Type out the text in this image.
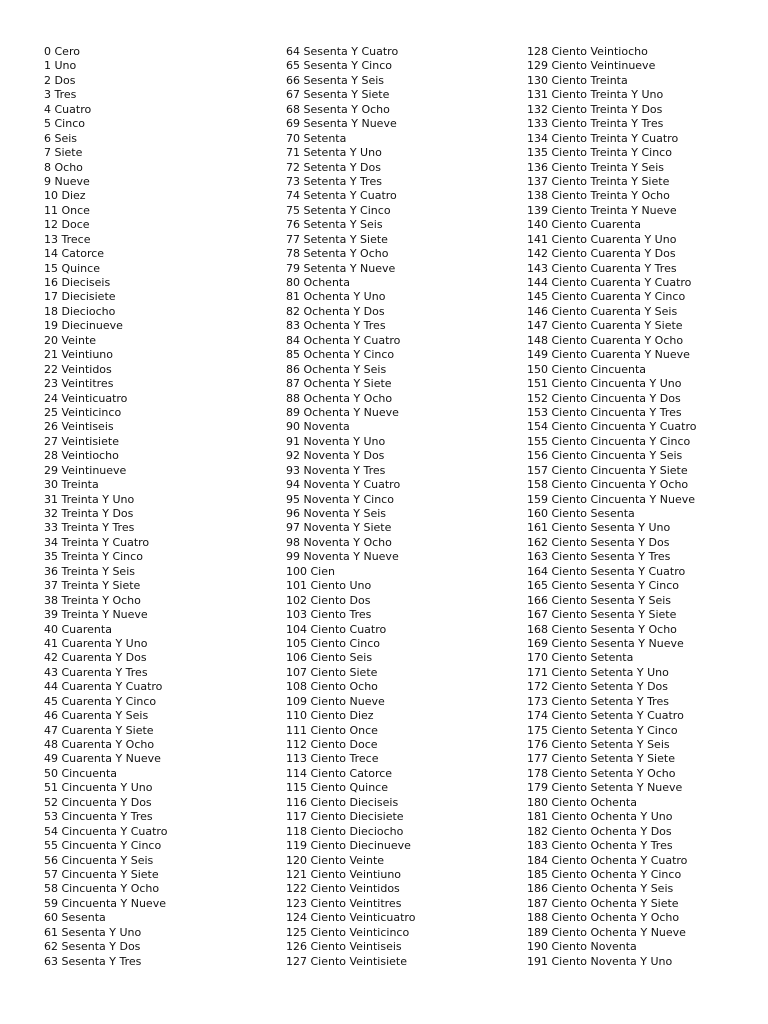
0 Cero
1 Uno
2 Dos
3 Tres
4 Cuatro
5 Cinco
6 Seis
7 Siete
8 Ocho
9 Nueve
10 Diez
11 Once
12 Doce
13 Trece
14 Catorce
15 Quince
16 Dieciseis
17 Diecisiete
18 Dieciocho
19 Diecinueve
20 Veinte
21 Veintiuno
22 Veintidos
23 Veintitres
24 Veinticuatro
25 Veinticinco
26 Veintiseis
27 Veintisiete
28 Veintiocho
29 Veintinueve
30 Treinta
31 Treinta Y Uno
32 Treinta Y Dos
33 Treinta Y Tres
34 Treinta Y Cuatro
35 Treinta Y Cinco
36 Treinta Y Seis
37 Treinta Y Siete
38 Treinta Y Ocho
39 Treinta Y Nueve
40 Cuarenta
41 Cuarenta Y Uno
42 Cuarenta Y Dos
43 Cuarenta Y Tres
44 Cuarenta Y Cuatro
45 Cuarenta Y Cinco
46 Cuarenta Y Seis
47 Cuarenta Y Siete
48 Cuarenta Y Ocho
49 Cuarenta Y Nueve
50 Cincuenta
51 Cincuenta Y Uno
52 Cincuenta Y Dos
53 Cincuenta Y Tres
54 Cincuenta Y Cuatro
55 Cincuenta Y Cinco
56 Cincuenta Y Seis
57 Cincuenta Y Siete
58 Cincuenta Y Ocho
59 Cincuenta Y Nueve
60 Sesenta
61 Sesenta Y Uno
62 Sesenta Y Dos
63 Sesenta Y Tres
64 Sesenta Y Cuatro
65 Sesenta Y Cinco
66 Sesenta Y Seis
67 Sesenta Y Siete
68 Sesenta Y Ocho
69 Sesenta Y Nueve
70 Setenta
71 Setenta Y Uno
72 Setenta Y Dos
73 Setenta Y Tres
74 Setenta Y Cuatro
75 Setenta Y Cinco
76 Setenta Y Seis
77 Setenta Y Siete
78 Setenta Y Ocho
79 Setenta Y Nueve
80 Ochenta
81 Ochenta Y Uno
82 Ochenta Y Dos
83 Ochenta Y Tres
84 Ochenta Y Cuatro
85 Ochenta Y Cinco
86 Ochenta Y Seis
87 Ochenta Y Siete
88 Ochenta Y Ocho
89 Ochenta Y Nueve
90 Noventa
91 Noventa Y Uno
92 Noventa Y Dos
93 Noventa Y Tres
94 Noventa Y Cuatro
95 Noventa Y Cinco
96 Noventa Y Seis
97 Noventa Y Siete
98 Noventa Y Ocho
99 Noventa Y Nueve
100 Cien
101 Ciento Uno
102 Ciento Dos
103 Ciento Tres
104 Ciento Cuatro
105 Ciento Cinco
106 Ciento Seis
107 Ciento Siete
108 Ciento Ocho
109 Ciento Nueve
110 Ciento Diez
111 Ciento Once
112 Ciento Doce
113 Ciento Trece
114 Ciento Catorce
115 Ciento Quince
116 Ciento Dieciseis
117 Ciento Diecisiete
118 Ciento Dieciocho
119 Ciento Diecinueve
120 Ciento Veinte
121 Ciento Veintiuno
122 Ciento Veintidos
123 Ciento Veintitres
124 Ciento Veinticuatro
125 Ciento Veinticinco
126 Ciento Veintiseis
127 Ciento Veintisiete
128 Ciento Veintiocho
129 Ciento Veintinueve
130 Ciento Treinta
131 Ciento Treinta Y Uno
132 Ciento Treinta Y Dos
133 Ciento Treinta Y Tres
134 Ciento Treinta Y Cuatro
135 Ciento Treinta Y Cinco
136 Ciento Treinta Y Seis
137 Ciento Treinta Y Siete
138 Ciento Treinta Y Ocho
139 Ciento Treinta Y Nueve
140 Ciento Cuarenta
141 Ciento Cuarenta Y Uno
142 Ciento Cuarenta Y Dos
143 Ciento Cuarenta Y Tres
144 Ciento Cuarenta Y Cuatro
145 Ciento Cuarenta Y Cinco
146 Ciento Cuarenta Y Seis
147 Ciento Cuarenta Y Siete
148 Ciento Cuarenta Y Ocho
149 Ciento Cuarenta Y Nueve
150 Ciento Cincuenta
151 Ciento Cincuenta Y Uno
152 Ciento Cincuenta Y Dos
153 Ciento Cincuenta Y Tres
154 Ciento Cincuenta Y Cuatro
155 Ciento Cincuenta Y Cinco
156 Ciento Cincuenta Y Seis
157 Ciento Cincuenta Y Siete
158 Ciento Cincuenta Y Ocho
159 Ciento Cincuenta Y Nueve
160 Ciento Sesenta
161 Ciento Sesenta Y Uno
162 Ciento Sesenta Y Dos
163 Ciento Sesenta Y Tres
164 Ciento Sesenta Y Cuatro
165 Ciento Sesenta Y Cinco
166 Ciento Sesenta Y Seis
167 Ciento Sesenta Y Siete
168 Ciento Sesenta Y Ocho
169 Ciento Sesenta Y Nueve
170 Ciento Setenta
171 Ciento Setenta Y Uno
172 Ciento Setenta Y Dos
173 Ciento Setenta Y Tres
174 Ciento Setenta Y Cuatro
175 Ciento Setenta Y Cinco
176 Ciento Setenta Y Seis
177 Ciento Setenta Y Siete
178 Ciento Setenta Y Ocho
179 Ciento Setenta Y Nueve
180 Ciento Ochenta
181 Ciento Ochenta Y Uno
182 Ciento Ochenta Y Dos
183 Ciento Ochenta Y Tres
184 Ciento Ochenta Y Cuatro
185 Ciento Ochenta Y Cinco
186 Ciento Ochenta Y Seis
187 Ciento Ochenta Y Siete
188 Ciento Ochenta Y Ocho
189 Ciento Ochenta Y Nueve
190 Ciento Noventa
191 Ciento Noventa Y Uno
